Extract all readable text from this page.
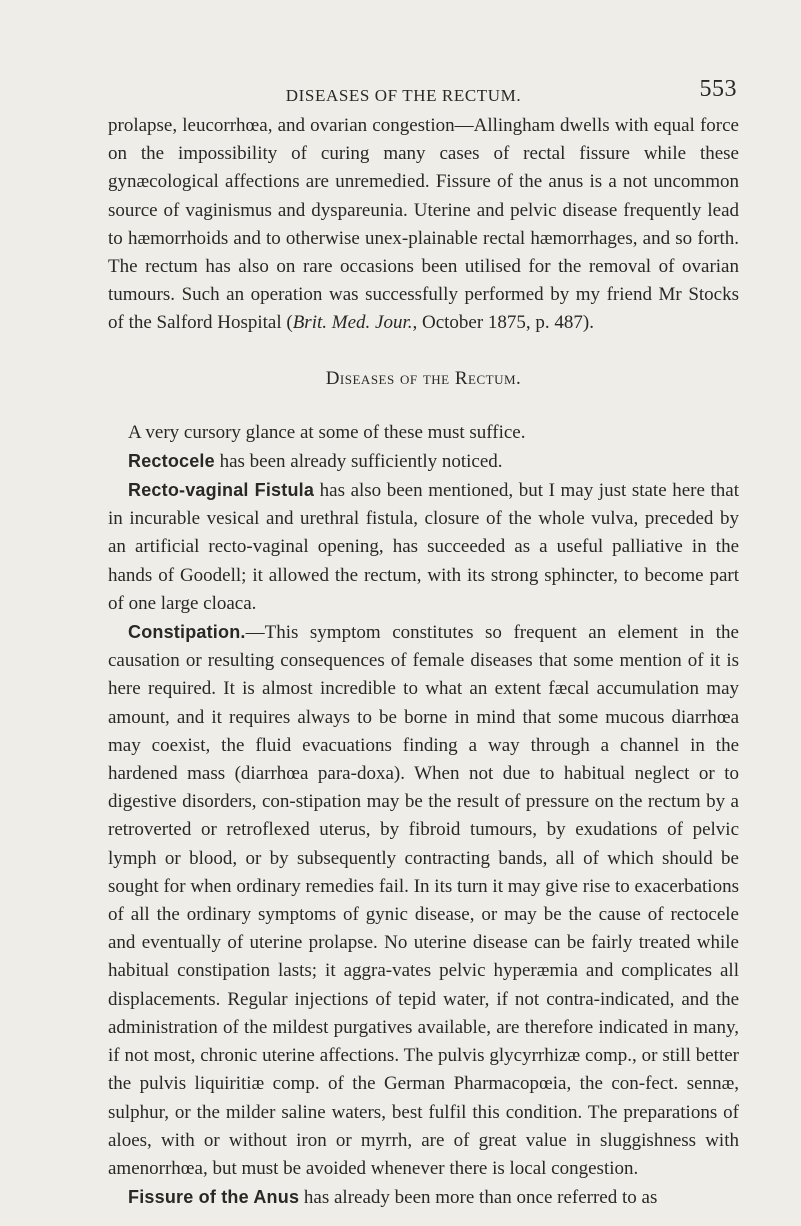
DISEASES OF THE RECTUM.	553

prolapse, leucorrhœa, and ovarian congestion—Allingham dwells with equal force on the impossibility of curing many cases of rectal fissure while these gynæcological affections are unremedied. Fissure of the anus is a not uncommon source of vaginismus and dyspareunia. Uterine and pelvic disease frequently lead to hæmorrhoids and to otherwise unex-plainable rectal hæmorrhages, and so forth. The rectum has also on rare occasions been utilised for the removal of ovarian tumours. Such an operation was successfully performed by my friend Mr Stocks of the Salford Hospital (Brit. Med. Jour., October 1875, p. 487).

Diseases of the Rectum.

A very cursory glance at some of these must suffice.

Rectocele has been already sufficiently noticed.

Recto-vaginal Fistula has also been mentioned, but I may just state here that in incurable vesical and urethral fistula, closure of the whole vulva, preceded by an artificial recto-vaginal opening, has succeeded as a useful palliative in the hands of Goodell; it allowed the rectum, with its strong sphincter, to become part of one large cloaca.

Constipation.—This symptom constitutes so frequent an element in the causation or resulting consequences of female diseases that some mention of it is here required. It is almost incredible to what an extent fæcal accumulation may amount, and it requires always to be borne in mind that some mucous diarrhœa may coexist, the fluid evacuations finding a way through a channel in the hardened mass (diarrhœa para-doxa). When not due to habitual neglect or to digestive disorders, con-stipation may be the result of pressure on the rectum by a retroverted or retroflexed uterus, by fibroid tumours, by exudations of pelvic lymph or blood, or by subsequently contracting bands, all of which should be sought for when ordinary remedies fail. In its turn it may give rise to exacerbations of all the ordinary symptoms of gynic disease, or may be the cause of rectocele and eventually of uterine prolapse. No uterine disease can be fairly treated while habitual constipation lasts; it aggra-vates pelvic hyperæmia and complicates all displacements. Regular injections of tepid water, if not contra-indicated, and the administration of the mildest purgatives available, are therefore indicated in many, if not most, chronic uterine affections. The pulvis glycyrrhizæ comp., or still better the pulvis liquiritiæ comp. of the German Pharmacopœia, the con-fect. sennæ, sulphur, or the milder saline waters, best fulfil this condition. The preparations of aloes, with or without iron or myrrh, are of great value in sluggishness with amenorrhœa, but must be avoided whenever there is local congestion.

Fissure of the Anus has already been more than once referred to as
